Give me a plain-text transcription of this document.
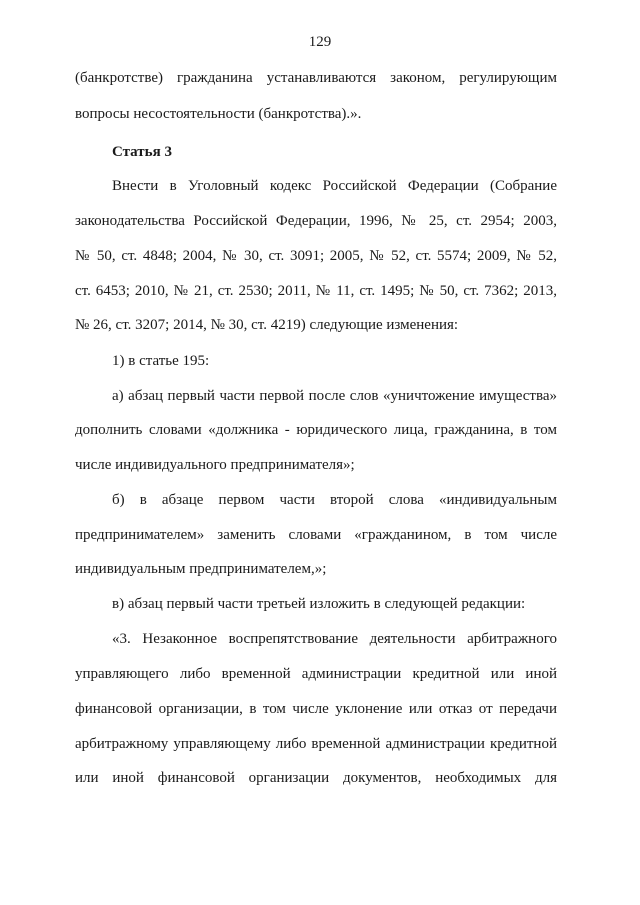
129
(банкротстве) гражданина устанавливаются законом, регулирующим
вопросы несостоятельности (банкротства).».
Статья 3
Внести в Уголовный кодекс Российской Федерации (Собрание
законодательства Российской Федерации, 1996, № 25, ст. 2954; 2003,
№ 50, ст. 4848; 2004, № 30, ст. 3091; 2005, № 52, ст. 5574; 2009, № 52,
ст. 6453; 2010, № 21, ст. 2530; 2011, № 11, ст. 1495; № 50, ст. 7362; 2013,
№ 26, ст. 3207; 2014, № 30, ст. 4219) следующие изменения:
1) в статье 195:
а) абзац первый части первой после слов «уничтожение имущества»
дополнить словами «должника - юридического лица, гражданина, в том
числе индивидуального предпринимателя»;
б) в абзаце первом части второй слова «индивидуальным
предпринимателем» заменить словами «гражданином, в том числе
индивидуальным предпринимателем,»;
в) абзац первый части третьей изложить в следующей редакции:
«3. Незаконное воспрепятствование деятельности арбитражного
управляющего либо временной администрации кредитной или иной
финансовой организации, в том числе уклонение или отказ от передачи
арбитражному управляющему либо временной администрации кредитной
или иной финансовой организации документов, необходимых для
